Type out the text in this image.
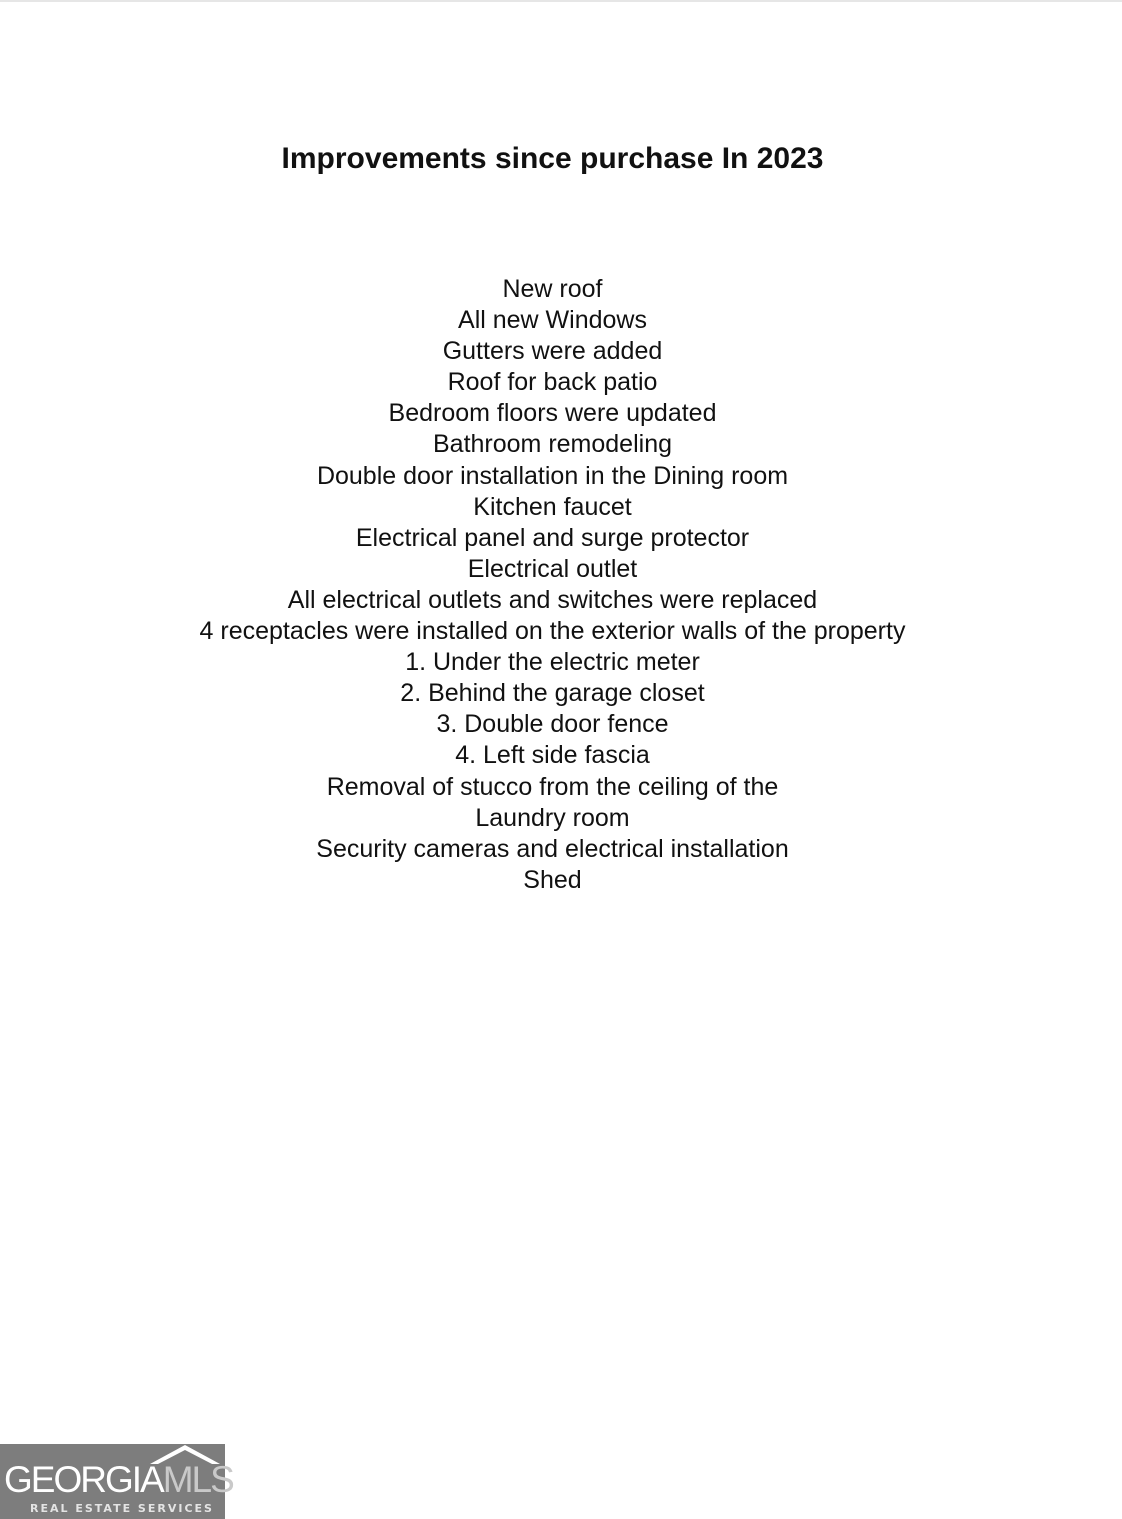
Improvements since purchase In 2023
New roof
All new Windows
Gutters were added
Roof for back patio
Bedroom floors were updated
Bathroom remodeling
Double door installation in the Dining room
Kitchen faucet
Electrical panel and surge protector
Electrical outlet
All electrical outlets and switches were replaced
4 receptacles were installed on the exterior walls of the property
1. Under the electric meter
2. Behind the garage closet
3. Double door fence
4. Left side fascia
Removal of stucco from the ceiling of the
Laundry room
Security cameras and electrical installation
Shed
GEORGIAMLS
REAL ESTATE SERVICES
